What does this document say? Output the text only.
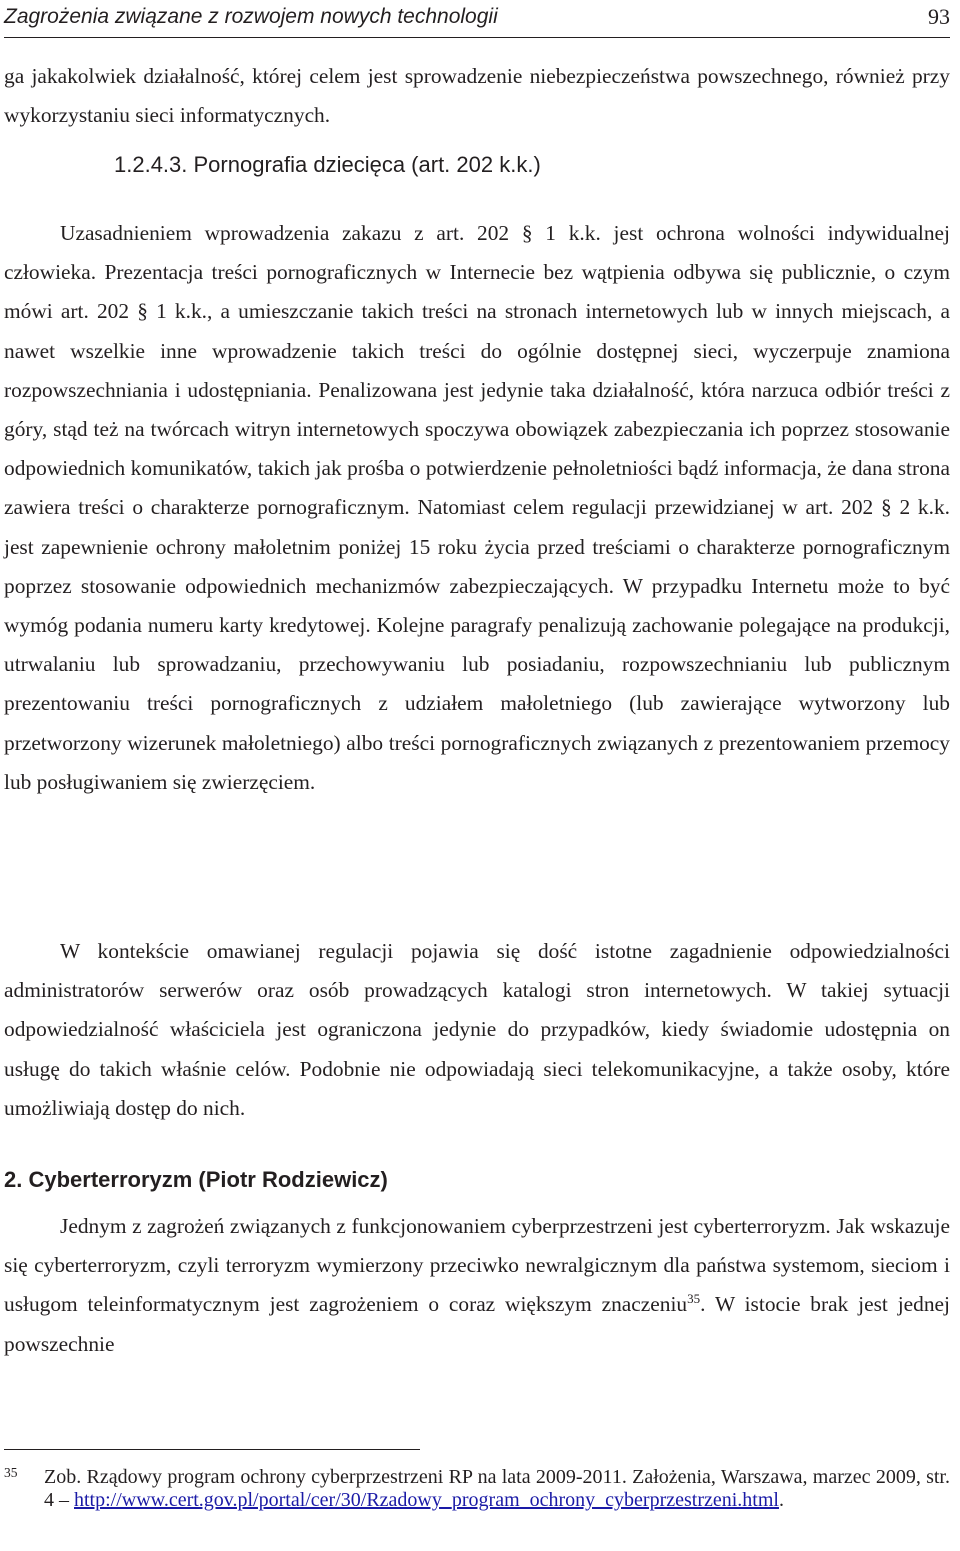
Zagrożenia związane z rozwojem nowych technologii	93

ga jakakolwiek działalność, której celem jest sprowadzenie niebezpieczeństwa powszechnego, również przy wykorzystaniu sieci informatycznych.

1.2.4.3. Pornografia dziecięca (art. 202 k.k.)

Uzasadnieniem wprowadzenia zakazu z art. 202 § 1 k.k. jest ochrona wolności indywidualnej człowieka. Prezentacja treści pornograficznych w Internecie bez wątpienia odbywa się publicznie, o czym mówi art. 202 § 1 k.k., a umieszczanie takich treści na stronach internetowych lub w innych miejscach, a nawet wszelkie inne wprowadzenie takich treści do ogólnie dostępnej sieci, wyczerpuje znamiona rozpowszechniania i udostępniania. Penalizowana jest jedynie taka działalność, która narzuca odbiór treści z góry, stąd też na twórcach witryn internetowych spoczywa obowiązek zabezpieczania ich poprzez stosowanie odpowiednich komunikatów, takich jak prośba o potwierdzenie pełnoletniości bądź informacja, że dana strona zawiera treści o charakterze pornograficznym. Natomiast celem regulacji przewidzianej w art. 202 § 2 k.k. jest zapewnienie ochrony małoletnim poniżej 15 roku życia przed treściami o charakterze pornograficznym poprzez stosowanie odpowiednich mechanizmów zabezpieczających. W przypadku Internetu może to być wymóg podania numeru karty kredytowej. Kolejne paragrafy penalizują zachowanie polegające na produkcji, utrwalaniu lub sprowadzaniu, przechowywaniu lub posiadaniu, rozpowszechnianiu lub publicznym prezentowaniu treści pornograficznych z udziałem małoletniego (lub zawierające wytworzony lub przetworzony wizerunek małoletniego) albo treści pornograficznych związanych z prezentowaniem przemocy lub posługiwaniem się zwierzęciem.

W kontekście omawianej regulacji pojawia się dość istotne zagadnienie odpowiedzialności administratorów serwerów oraz osób prowadzących katalogi stron internetowych. W takiej sytuacji odpowiedzialność właściciela jest ograniczona jedynie do przypadków, kiedy świadomie udostępnia on usługę do takich właśnie celów. Podobnie nie odpowiadają sieci telekomunikacyjne, a także osoby, które umożliwiają dostęp do nich.

2. Cyberterroryzm (Piotr Rodziewicz)

Jednym z zagrożeń związanych z funkcjonowaniem cyberprzestrzeni jest cyberterroryzm. Jak wskazuje się cyberterroryzm, czyli terroryzm wymierzony przeciwko newralgicznym dla państwa systemom, sieciom i usługom teleinformatycznym jest zagrożeniem o coraz większym znaczeniu$^{35}$. W istocie brak jest jednej powszechnie

35 Zob. Rządowy program ochrony cyberprzestrzeni RP na lata 2009-2011. Założenia, Warszawa, marzec 2009, str. 4 – http://www.cert.gov.pl/portal/cer/30/Rzadowy_program_ochrony_cyberprzestrzeni.html.
